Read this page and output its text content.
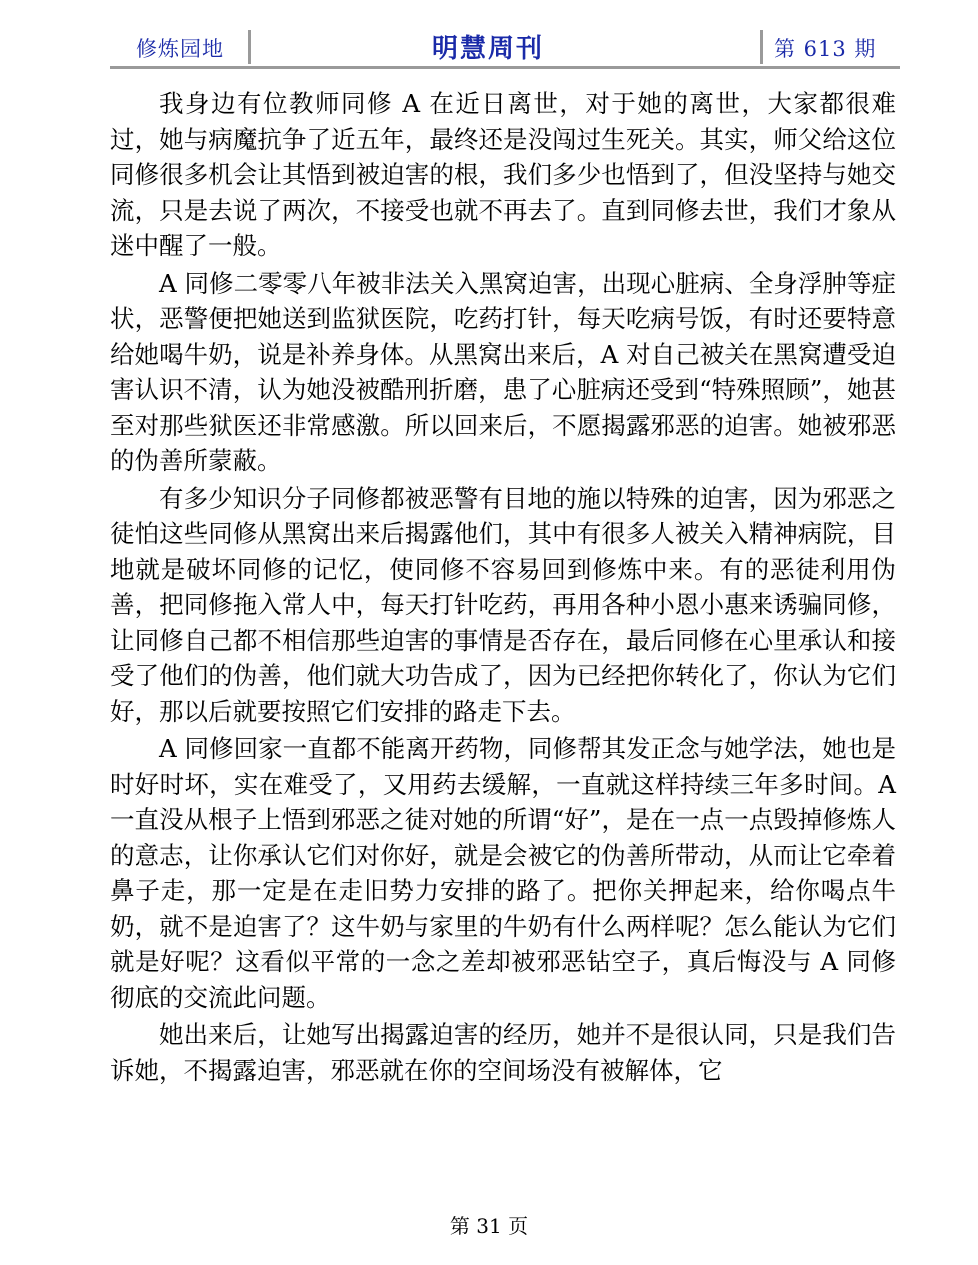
修炼园地	明慧周刊	第 613 期

我身边有位教师同修 A 在近日离世，对于她的离世，大家都很难过，她与病魔抗争了近五年，最终还是没闯过生死关。其实，师父给这位同修很多机会让其悟到被迫害的根，我们多少也悟到了，但没坚持与她交流，只是去说了两次，不接受也就不再去了。直到同修去世，我们才象从迷中醒了一般。

A 同修二零零八年被非法关入黑窝迫害，出现心脏病、全身浮肿等症状，恶警便把她送到监狱医院，吃药打针，每天吃病号饭，有时还要特意给她喝牛奶，说是补养身体。从黑窝出来后，A 对自己被关在黑窝遭受迫害认识不清，认为她没被酷刑折磨，患了心脏病还受到“特殊照顾”，她甚至对那些狱医还非常感激。所以回来后，不愿揭露邪恶的迫害。她被邪恶的伪善所蒙蔽。

有多少知识分子同修都被恶警有目地的施以特殊的迫害，因为邪恶之徒怕这些同修从黑窝出来后揭露他们，其中有很多人被关入精神病院，目地就是破坏同修的记忆，使同修不容易回到修炼中来。有的恶徒利用伪善，把同修拖入常人中，每天打针吃药，再用各种小恩小惠来诱骗同修，让同修自己都不相信那些迫害的事情是否存在，最后同修在心里承认和接受了他们的伪善，他们就大功告成了，因为已经把你转化了，你认为它们好，那以后就要按照它们安排的路走下去。

A 同修回家一直都不能离开药物，同修帮其发正念与她学法，她也是时好时坏，实在难受了，又用药去缓解，一直就这样持续三年多时间。A 一直没从根子上悟到邪恶之徒对她的所谓“好”，是在一点一点毁掉修炼人的意志，让你承认它们对你好，就是会被它的伪善所带动，从而让它牵着鼻子走，那一定是在走旧势力安排的路了。把你关押起来，给你喝点牛奶，就不是迫害了？这牛奶与家里的牛奶有什么两样呢？怎么能认为它们就是好呢？这看似平常的一念之差却被邪恶钻空子，真后悔没与 A 同修彻底的交流此问题。

她出来后，让她写出揭露迫害的经历，她并不是很认同，只是我们告诉她，不揭露迫害，邪恶就在你的空间场没有被解体，它

第 31 页
